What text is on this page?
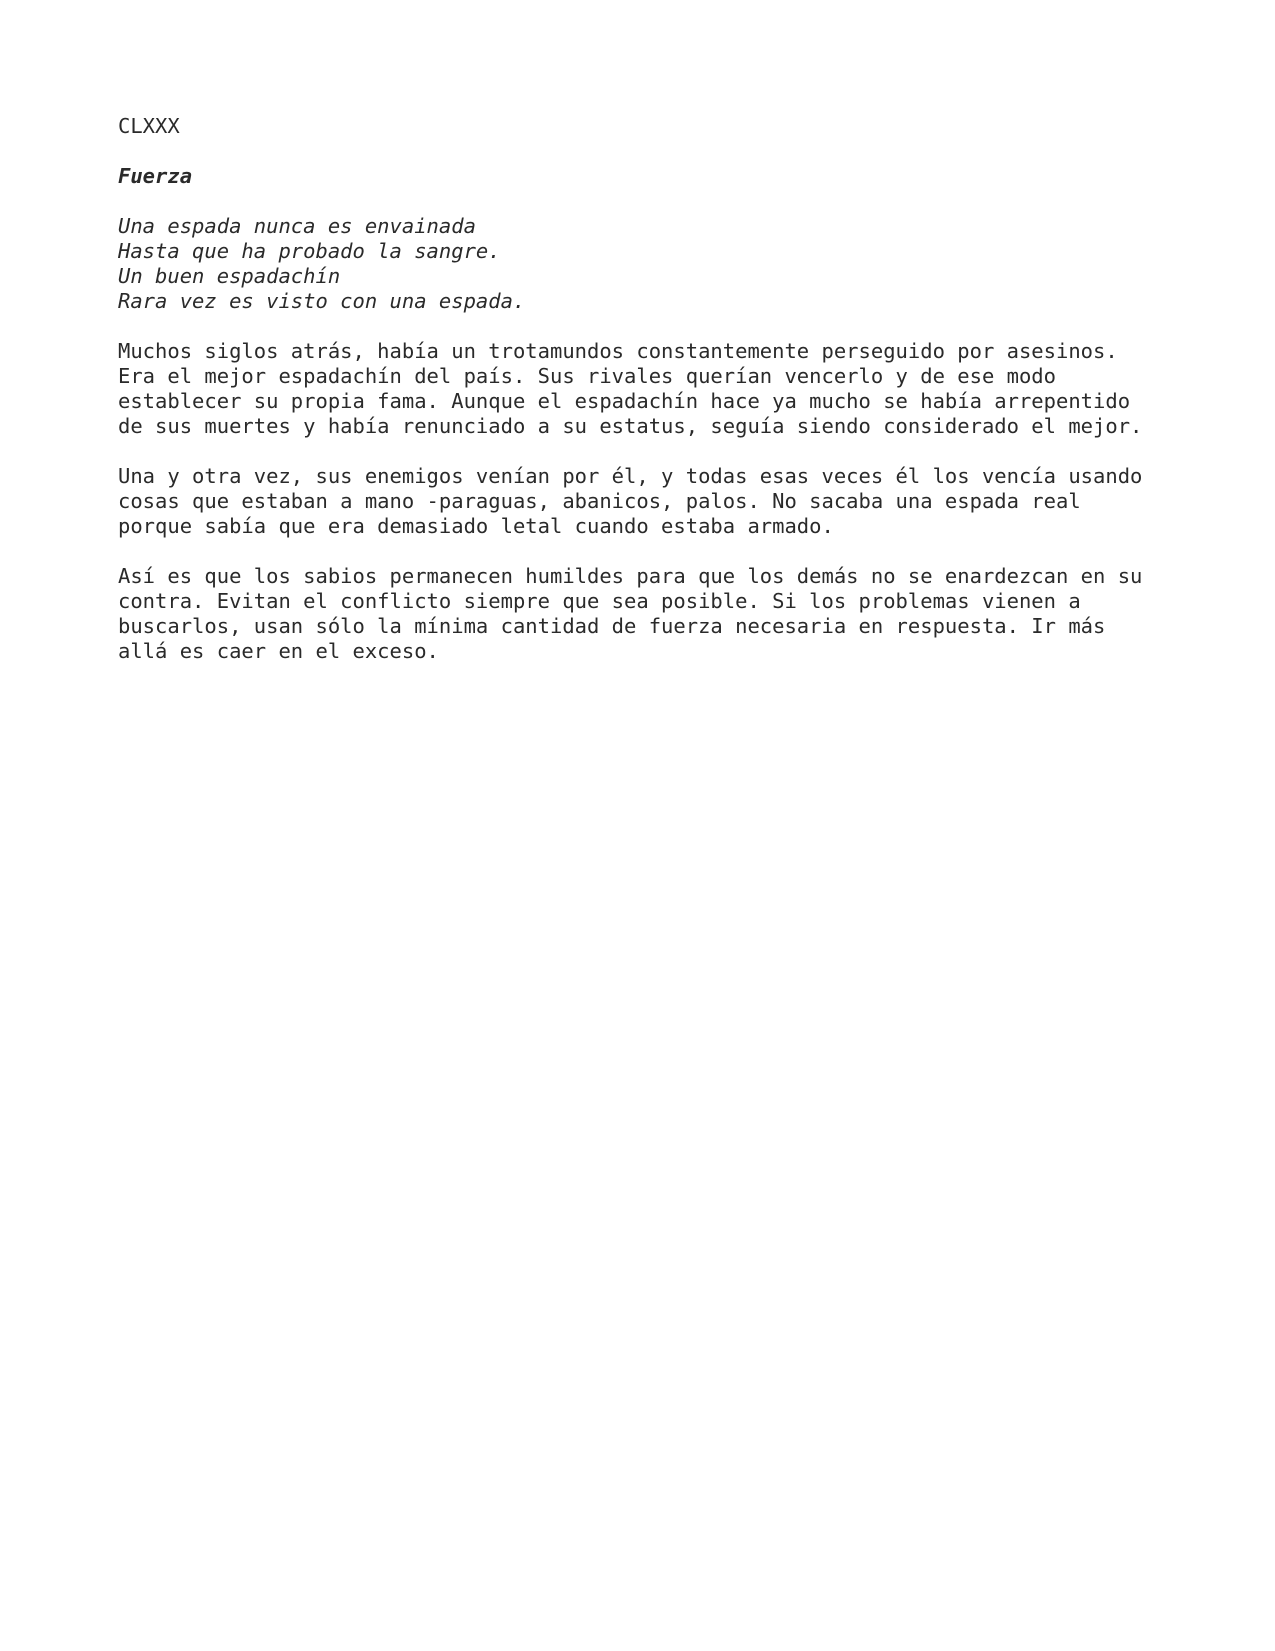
CLXXX
Fuerza
Una espada nunca es envainada
Hasta que ha probado la sangre.
Un buen espadachín
Rara vez es visto con una espada.
Muchos siglos atrás, había un trotamundos constantemente perseguido por asesinos.
Era el mejor espadachín del país. Sus rivales querían vencerlo y de ese modo
establecer su propia fama. Aunque el espadachín hace ya mucho se había arrepentido
de sus muertes y había renunciado a su estatus, seguía siendo considerado el mejor.
Una y otra vez, sus enemigos venían por él, y todas esas veces él los vencía usando
cosas que estaban a mano -paraguas, abanicos, palos. No sacaba una espada real
porque sabía que era demasiado letal cuando estaba armado.
Así es que los sabios permanecen humildes para que los demás no se enardezcan en su
contra. Evitan el conflicto siempre que sea posible. Si los problemas vienen a
buscarlos, usan sólo la mínima cantidad de fuerza necesaria en respuesta. Ir más
allá es caer en el exceso.
